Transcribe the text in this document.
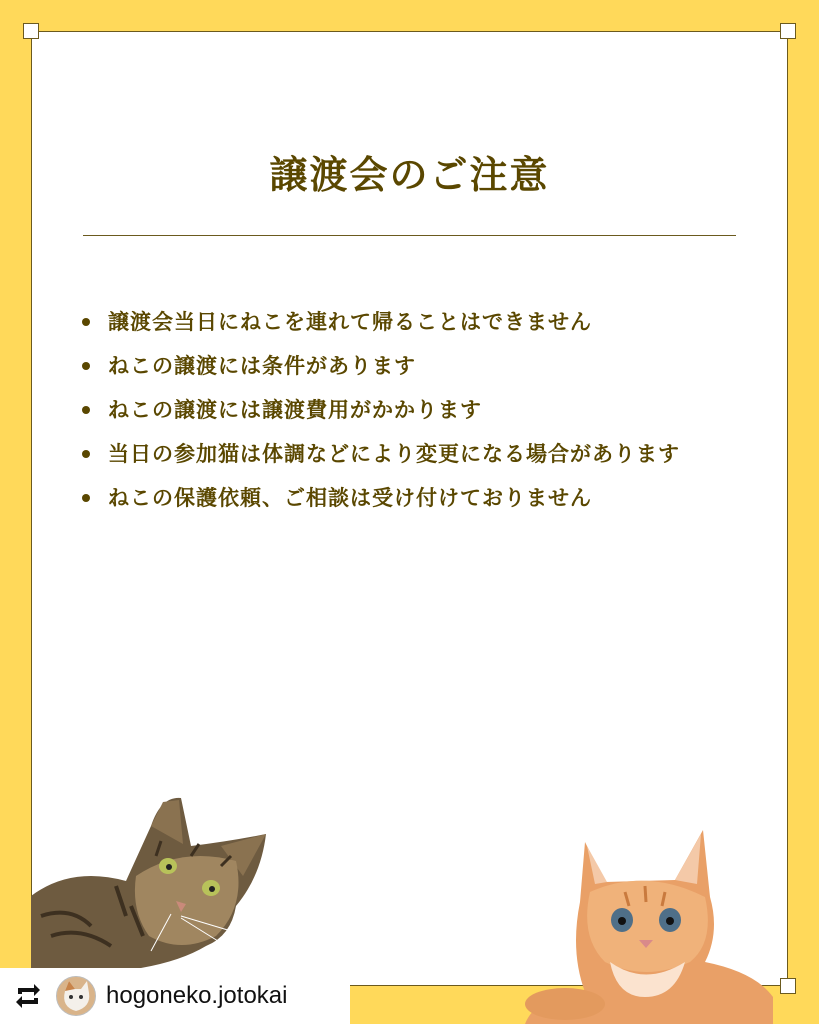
譲渡会のご注意
譲渡会当日にねこを連れて帰ることはできません
ねこの譲渡には条件があります
ねこの譲渡には譲渡費用がかかります
当日の参加猫は体調などにより変更になる場合があります
ねこの保護依頼、ご相談は受け付けておりません
hogoneko.jotokai
